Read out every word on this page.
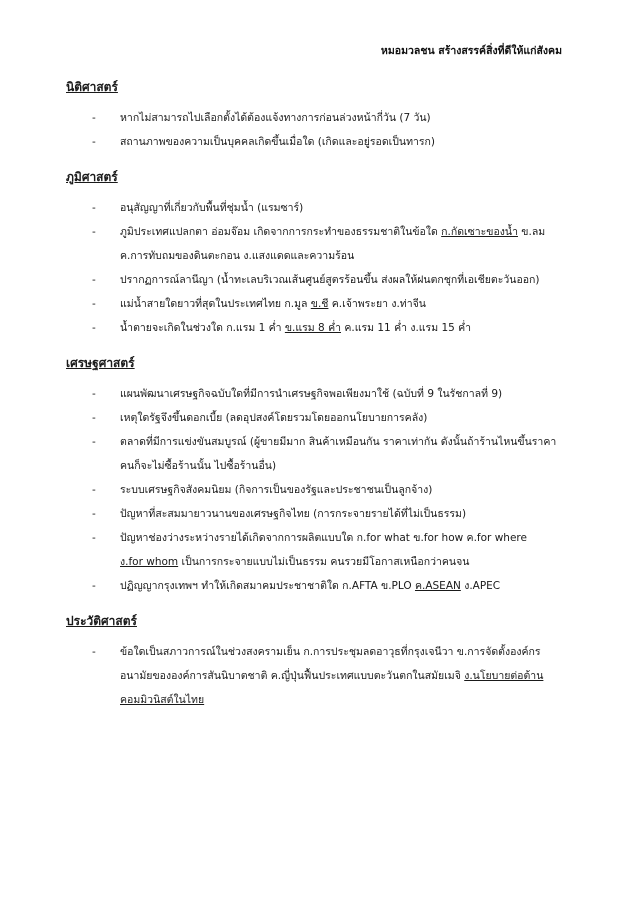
หมอมวลชน สร้างสรรค์สิ่งที่ดีให้แก่สังคม
นิติศาสตร์
-	หากไม่สามารถไปเลือกตั้งได้ต้องแจ้งทางการก่อนล่วงหน้ากี่วัน (7 วัน)
-	สถานภาพของความเป็นบุคคลเกิดขึ้นเมื่อใด (เกิดและอยู่รอดเป็นทารก)
ภูมิศาสตร์
-	อนุสัญญาที่เกี่ยวกับพื้นที่ชุ่มน้ำ (แรมซาร์)
-	ภูมิประเทศแปลกตา อ่อมจ๊อม เกิดจากการกระทำของธรรมชาติในข้อใด ก.กัดเซาะของน้ำ ข.ลม
ค.การทับถมของดินตะกอน ง.แสงแดดและความร้อน
-	ปรากฏการณ์ลานีญา (น้ำทะเลบริเวณเส้นศูนย์สูตรร้อนขึ้น ส่งผลให้ฝนตกชุกที่เอเชียตะวันออก)
-	แม่น้ำสายใดยาวที่สุดในประเทศไทย ก.มูล ข.ชี ค.เจ้าพระยา ง.ท่าจีน
-	น้ำตายจะเกิดในช่วงใด ก.แรม 1 ค่ำ ข.แรม 8 ค่ำ ค.แรม 11 ค่ำ ง.แรม 15 ค่ำ
เศรษฐศาสตร์
-	แผนพัฒนาเศรษฐกิจฉบับใดที่มีการนำเศรษฐกิจพอเพียงมาใช้ (ฉบับที่ 9 ในรัชกาลที่ 9)
-	เหตุใดรัฐจึงขึ้นดอกเบี้ย (ลดอุปสงค์โดยรวมโดยออกนโยบายการคลัง)
-	ตลาดที่มีการแข่งขันสมบูรณ์ (ผู้ขายมีมาก สินค้าเหมือนกัน ราคาเท่ากัน ดังนั้นถ้าร้านไหนขึ้นราคา
คนก็จะไม่ซื้อร้านนั้น ไปซื้อร้านอื่น)
-	ระบบเศรษฐกิจสังคมนิยม (กิจการเป็นของรัฐและประชาชนเป็นลูกจ้าง)
-	ปัญหาที่สะสมมายาวนานของเศรษฐกิจไทย (การกระจายรายได้ที่ไม่เป็นธรรม)
-	ปัญหาช่องว่างระหว่างรายได้เกิดจากการผลิตแบบใด ก.for what ข.for how ค.for where
ง.for whom เป็นการกระจายแบบไม่เป็นธรรม คนรวยมีโอกาสเหนือกว่าคนจน
-	ปฏิญญากรุงเทพฯ ทำให้เกิดสมาคมประชาชาติใด ก.AFTA ข.PLO ค.ASEAN ง.APEC
ประวัติศาสตร์
-	ข้อใดเป็นสภาวการณ์ในช่วงสงครามเย็น ก.การประชุมลดอาวุธที่กรุงเจนีวา ข.การจัดตั้งองค์กร
อนามัยขององค์การสันนิบาตชาติ ค.ญี่ปุ่นฟื้นประเทศแบบตะวันตกในสมัยเมจิ ง.นโยบายต่อต้าน
คอมมิวนิสต์ในไทย
